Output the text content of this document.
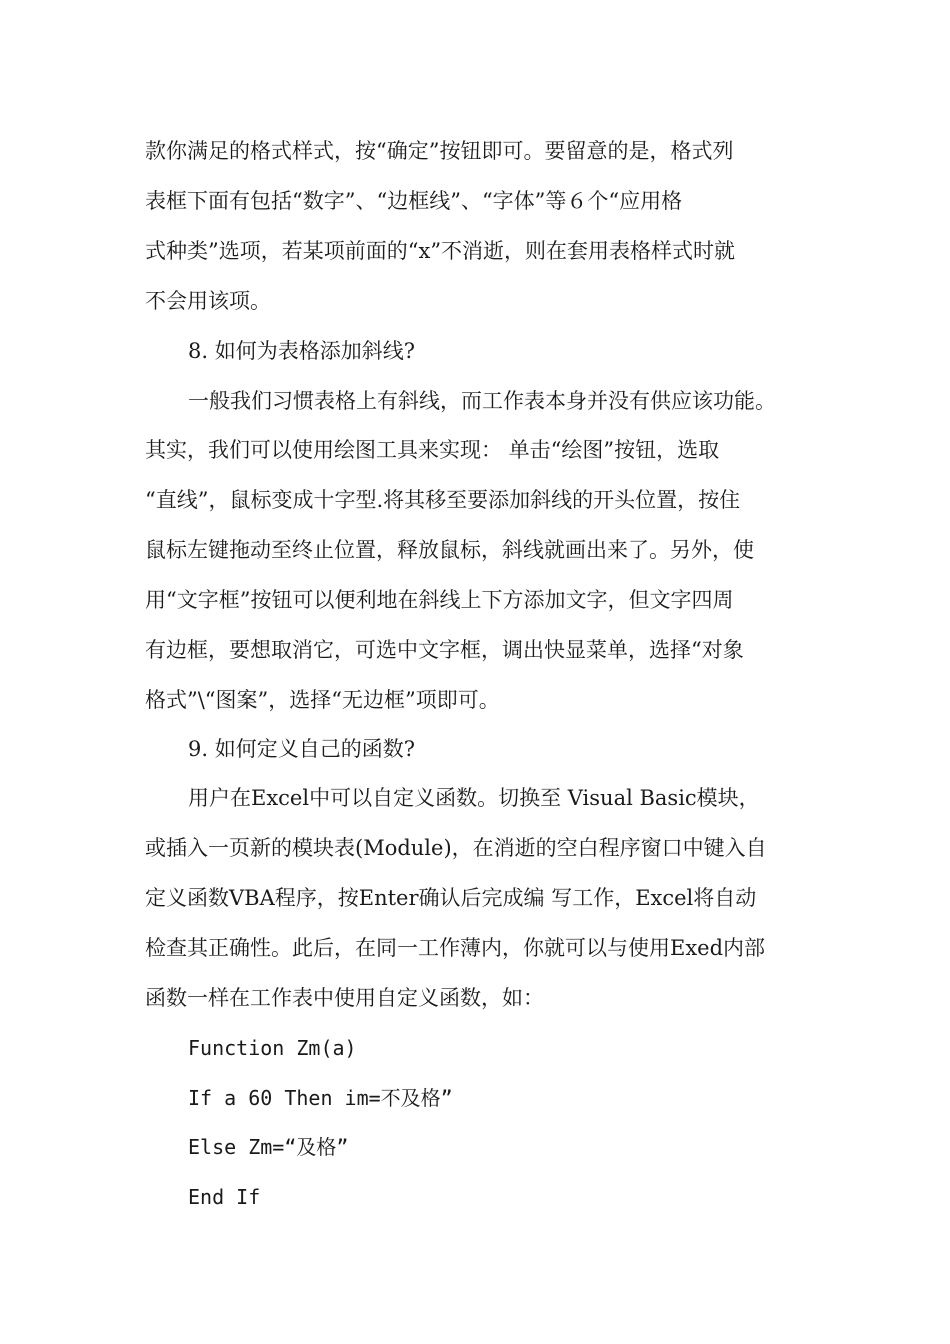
款你满足的格式样式，按“确定”按钮即可。要留意的是，格式列
表框下面有包括“数字”、“边框线”、“字体”等６个“应用格
式种类”选项，若某项前面的“x”不消逝，则在套用表格样式时就
不会用该项。
8. 如何为表格添加斜线?
一般我们习惯表格上有斜线，而工作表本身并没有供应该功能。
其实，我们可以使用绘图工具来实现： 单击“绘图”按钮，选取
“直线”，鼠标变成十字型.将其移至要添加斜线的开头位置，按住
鼠标左键拖动至终止位置，释放鼠标，斜线就画出来了。另外，使
用“文字框”按钮可以便利地在斜线上下方添加文字，但文字四周
有边框，要想取消它，可选中文字框，调出快显菜单，选择“对象
格式”\“图案”，选择“无边框”项即可。
9. 如何定义自己的函数?
用户在Excel中可以自定义函数。切换至 Visual Basic模块，
或插入一页新的模块表(Module)，在消逝的空白程序窗口中键入自
定义函数VBA程序，按Enter确认后完成编 写工作，Excel将自动
检查其正确性。此后，在同一工作薄内，你就可以与使用Exed内部
函数一样在工作表中使用自定义函数，如：
Function Zm(a)
If a 60 Then im=不及格”
Else Zm=“及格”
End If
